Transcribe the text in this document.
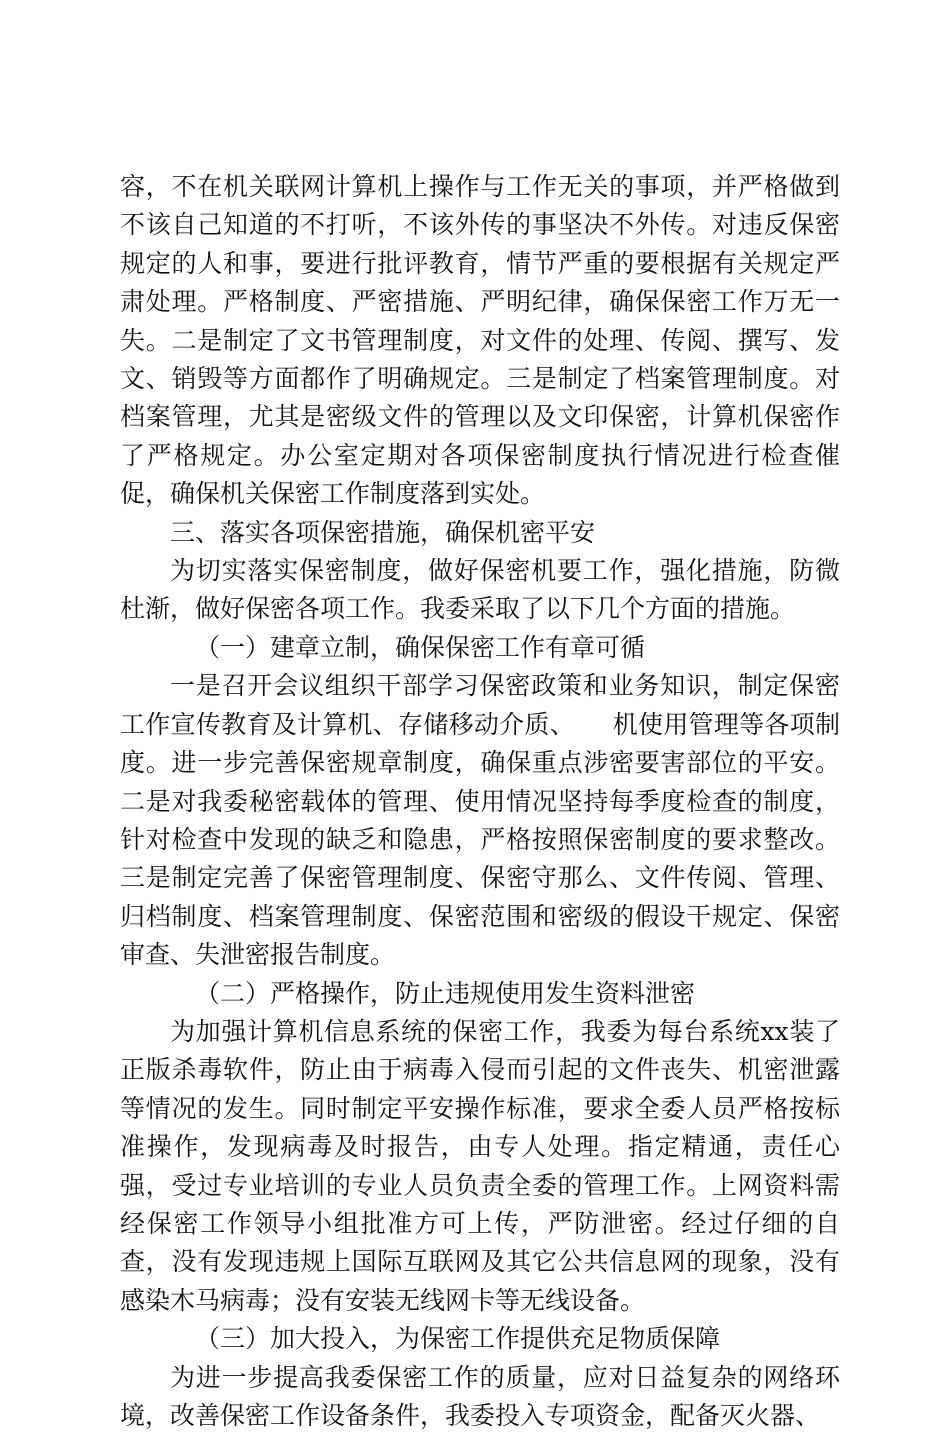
容，不在机关联网计算机上操作与工作无关的事项，并严格做到不该自己知道的不打听，不该外传的事坚决不外传。对违反保密规定的人和事，要进行批评教育，情节严重的要根据有关规定严肃处理。严格制度、严密措施、严明纪律，确保保密工作万无一失。二是制定了文书管理制度，对文件的处理、传阅、撰写、发文、销毁等方面都作了明确规定。三是制定了档案管理制度。对档案管理，尤其是密级文件的管理以及文印保密，计算机保密作了严格规定。办公室定期对各项保密制度执行情况进行检查催促，确保机关保密工作制度落到实处。

三、落实各项保密措施，确保机密平安

为切实落实保密制度，做好保密机要工作，强化措施，防微杜渐，做好保密各项工作。我委采取了以下几个方面的措施。

（一）建章立制，确保保密工作有章可循

一是召开会议组织干部学习保密政策和业务知识，制定保密工作宣传教育及计算机、存储移动介质、 机使用管理等各项制度。进一步完善保密规章制度，确保重点涉密要害部位的平安。二是对我委秘密载体的管理、使用情况坚持每季度检查的制度，针对检查中发现的缺乏和隐患，严格按照保密制度的要求整改。三是制定完善了保密管理制度、保密守那么、文件传阅、管理、归档制度、档案管理制度、保密范围和密级的假设干规定、保密审查、失泄密报告制度。

（二）严格操作，防止违规使用发生资料泄密

为加强计算机信息系统的保密工作，我委为每台系统xx装了正版杀毒软件，防止由于病毒入侵而引起的文件丧失、机密泄露等情况的发生。同时制定平安操作标准，要求全委人员严格按标准操作，发现病毒及时报告，由专人处理。指定精通，责任心强，受过专业培训的专业人员负责全委的管理工作。上网资料需经保密工作领导小组批准方可上传，严防泄密。经过仔细的自查，没有发现违规上国际互联网及其它公共信息网的现象，没有感染木马病毒；没有安装无线网卡等无线设备。

（三）加大投入，为保密工作提供充足物质保障

为进一步提高我委保密工作的质量，应对日益复杂的网络环境，改善保密工作设备条件，我委投入专项资金，配备灭火器、
